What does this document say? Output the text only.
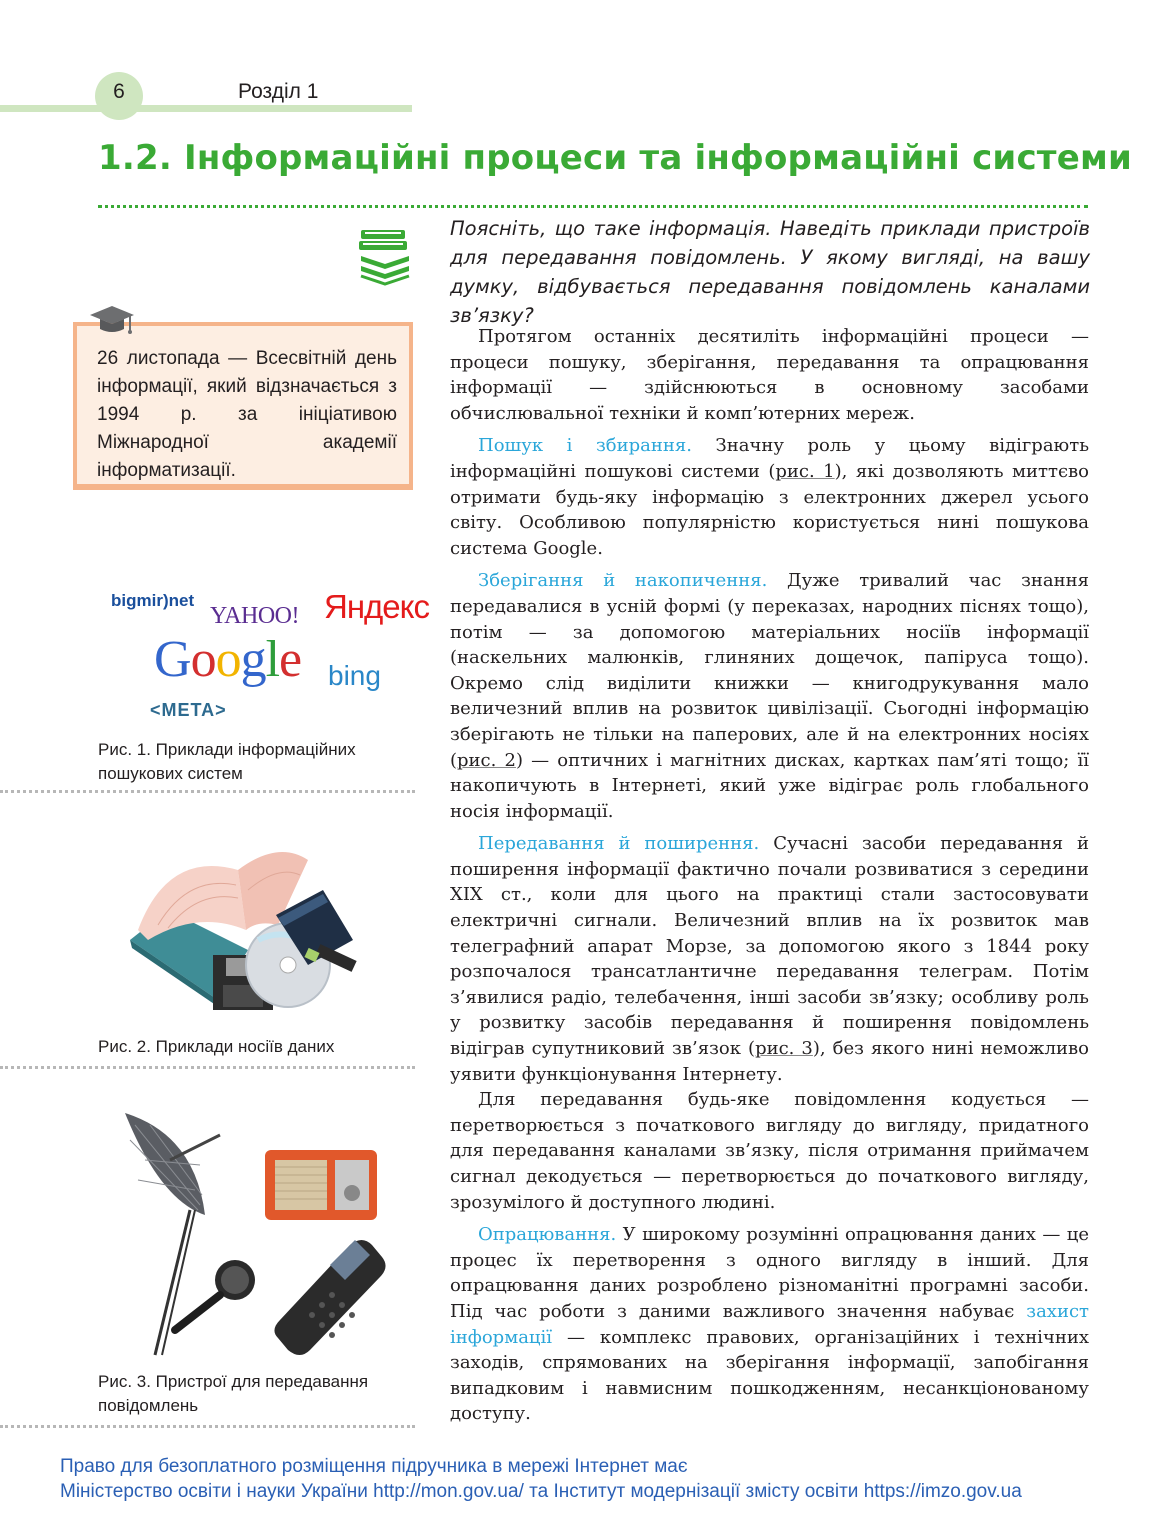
6	Розділ 1
1.2. Інформаційні процеси та інформаційні системи
Поясніть, що таке інформація. Наведіть приклади пристроїв для передавання повідомлень. У якому вигляді, на вашу думку, відбувається передавання повідомлень каналами зв’язку?
26 листопада — Всесвітній день інформації, який відзначається з 1994 р. за ініціативою Міжнародної академії інформатизації.

Протягом останніх десятиліть інформаційні процеси — процеси пошуку, зберігання, передавання та опрацювання інформації — здійснюються в основному засобами обчислювальної техніки й комп’ютерних мереж.

Пошук і збирання. Значну роль у цьому відіграють інформаційні пошукові системи (рис. 1), які дозволяють миттєво отримати будь-яку інформацію з електронних джерел усього світу. Особливою популярністю користується нині пошукова система Google.

Зберігання й накопичення. Дуже тривалий час знання передавалися в усній формі (у переказах, народних піснях тощо), потім — за допомогою матеріальних носіїв інформації (наскельних малюнків, глиняних дощечок, папіруса тощо). Окремо слід виділити книжки — книгодрукування мало величезний вплив на розвиток цивілізації. Сьогодні інформацію зберігають не тільки на паперових, але й на електронних носіях (рис. 2) — оптичних і магнітних дисках, картках пам’яті тощо; її накопичують в Інтернеті, який уже відіграє роль глобального носія інформації.

Передавання й поширення. Сучасні засоби передавання й поширення інформації фактично почали розвиватися з середини XIX ст., коли для цього на практиці стали застосовувати електричні сигнали. Величезний вплив на їх розвиток мав телеграфний апарат Морзе, за допомогою якого з 1844 року розпочалося трансатлантичне передавання телеграм. Потім з’явилися радіо, телебачення, інші засоби зв’язку; особливу роль у розвитку засобів передавання й поширення повідомлень відіграв супутниковий зв’язок (рис. 3), без якого нині неможливо уявити функціонування Інтернету.

Для передавання будь-яке повідомлення кодується — перетворюється з початкового вигляду до вигляду, придатного для передавання каналами зв’язку, після отримання приймачем сигнал декодується — перетворюється до початкового вигляду, зрозумілого й доступного людині.

Опрацювання. У широкому розумінні опрацювання даних — це процес їх перетворення з одного вигляду в інший. Для опрацювання даних розроблено різноманітні програмні засоби. Під час роботи з даними важливого значення набуває захист інформації — комплекс правових, організаційних і технічних заходів, спрямованих на зберігання інформації, запобігання випадковим і навмисним пошкодженням, несанкціонованому доступу.

bigmir)net
YAHOO! Яндекс
Google bing
<META>
Рис. 1. Приклади інформаційних пошукових систем
Рис. 2. Приклади носіїв даних
Рис. 3. Пристрої для передавання повідомлень
Право для безоплатного розміщення підручника в мережі Інтернет має
Міністерство освіти і науки України http://mon.gov.ua/ та Інститут модернізації змісту освіти https://imzo.gov.ua
